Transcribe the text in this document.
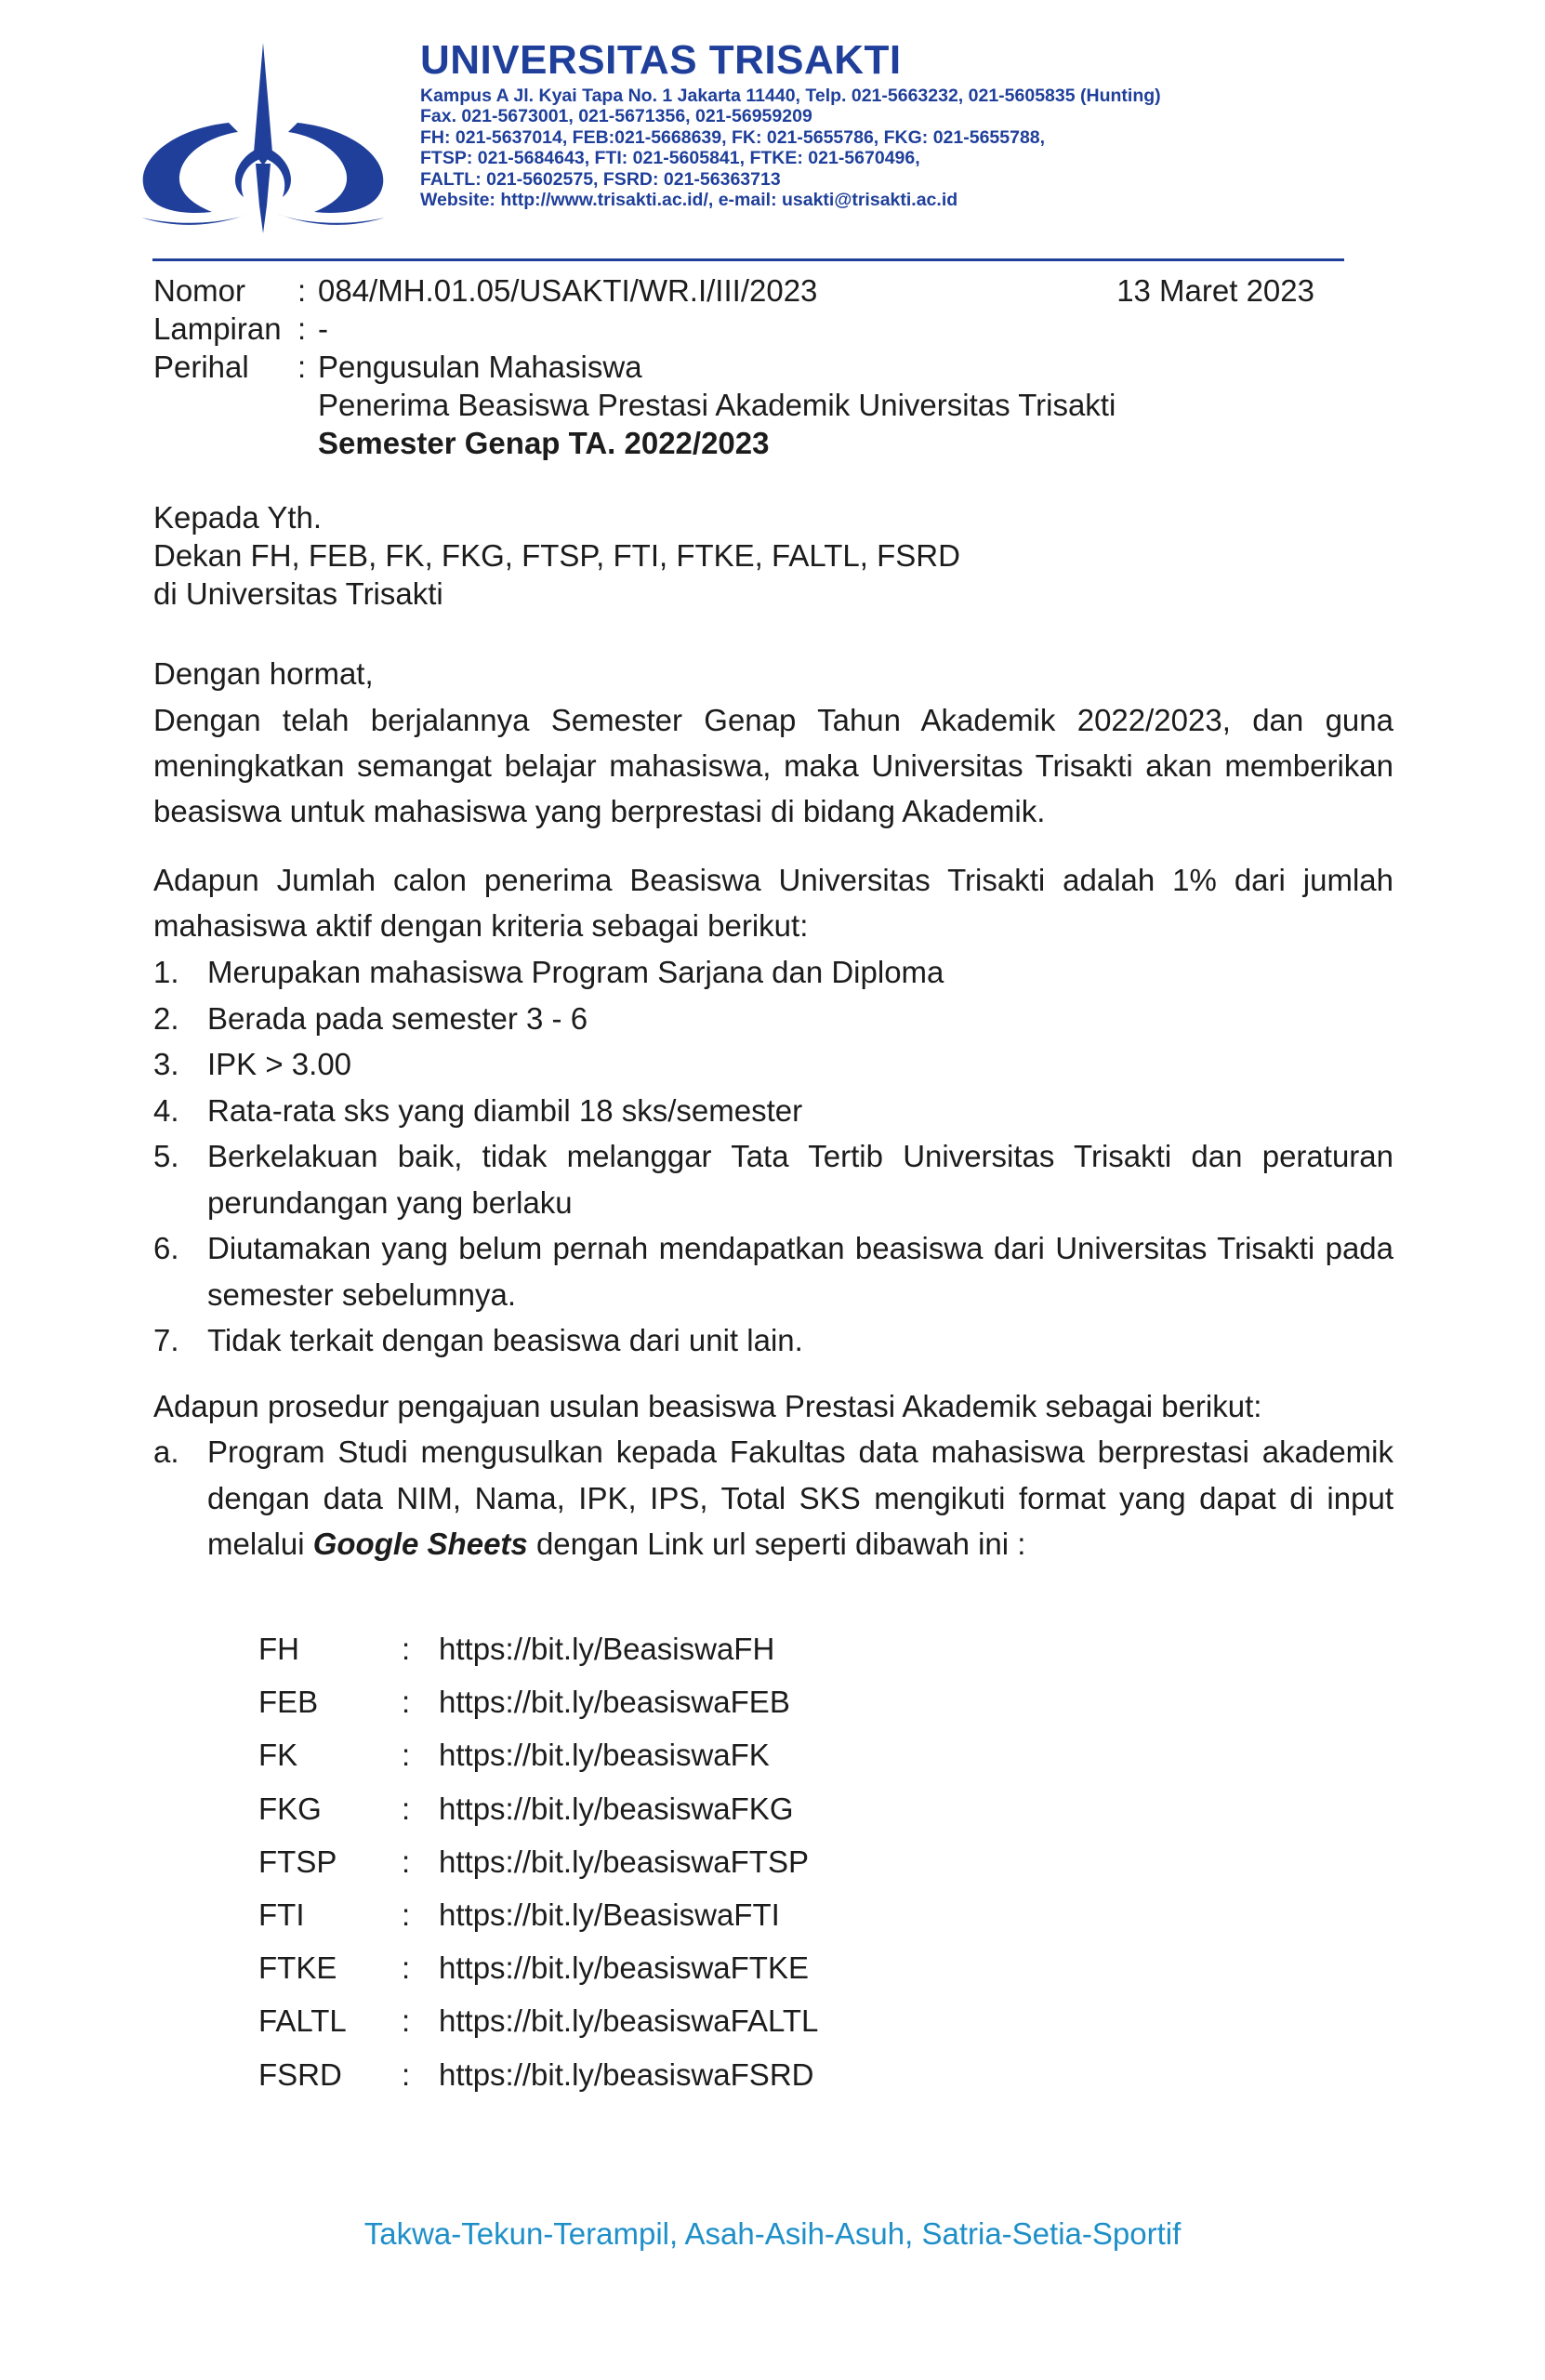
UNIVERSITAS TRISAKTI
Kampus A Jl. Kyai Tapa No. 1 Jakarta 11440, Telp. 021-5663232, 021-5605835 (Hunting)
Fax. 021-5673001, 021-5671356, 021-56959209
FH: 021-5637014, FEB:021-5668639, FK: 021-5655786, FKG: 021-5655788,
FTSP: 021-5684643, FTI: 021-5605841, FTKE: 021-5670496,
FALTL: 021-5602575, FSRD: 021-56363713
Website: http://www.trisakti.ac.id/, e-mail: usakti@trisakti.ac.id
Nomor	: 084/MH.01.05/USAKTI/WR.I/III/2023	13 Maret 2023
Lampiran : -
Perihal	: Pengusulan Mahasiswa
Penerima Beasiswa Prestasi Akademik Universitas Trisakti
Semester Genap TA. 2022/2023
Kepada Yth.
Dekan FH, FEB, FK, FKG, FTSP, FTI, FTKE, FALTL, FSRD
di Universitas Trisakti

Dengan hormat,

Dengan telah berjalannya Semester Genap Tahun Akademik 2022/2023, dan guna meningkatkan semangat belajar mahasiswa, maka Universitas Trisakti akan memberikan beasiswa untuk mahasiswa yang berprestasi di bidang Akademik.

Adapun Jumlah calon penerima Beasiswa Universitas Trisakti adalah 1% dari jumlah mahasiswa aktif dengan kriteria sebagai berikut:

1. Merupakan mahasiswa Program Sarjana dan Diploma
2. Berada pada semester 3 - 6
3. IPK > 3.00
4. Rata-rata sks yang diambil 18 sks/semester
5. Berkelakuan baik, tidak melanggar Tata Tertib Universitas Trisakti dan peraturan perundangan yang berlaku
6. Diutamakan yang belum pernah mendapatkan beasiswa dari Universitas Trisakti pada semester sebelumnya.
7. Tidak terkait dengan beasiswa dari unit lain.

Adapun prosedur pengajuan usulan beasiswa Prestasi Akademik sebagai berikut:

a. Program Studi mengusulkan kepada Fakultas data mahasiswa berprestasi akademik dengan data NIM, Nama, IPK, IPS, Total SKS mengikuti format yang dapat di input melalui Google Sheets dengan Link url seperti dibawah ini :
FH	: https://bit.ly/BeasiswaFH
FEB	: https://bit.ly/beasiswaFEB
FK	: https://bit.ly/beasiswaFK
FKG	: https://bit.ly/beasiswaFKG
FTSP	: https://bit.ly/beasiswaFTSP
FTI	: https://bit.ly/BeasiswaFTI
FTKE	: https://bit.ly/beasiswaFTKE
FALTL	: https://bit.ly/beasiswaFALTL
FSRD	: https://bit.ly/beasiswaFSRD
Takwa-Tekun-Terampil, Asah-Asih-Asuh, Satria-Setia-Sportif
